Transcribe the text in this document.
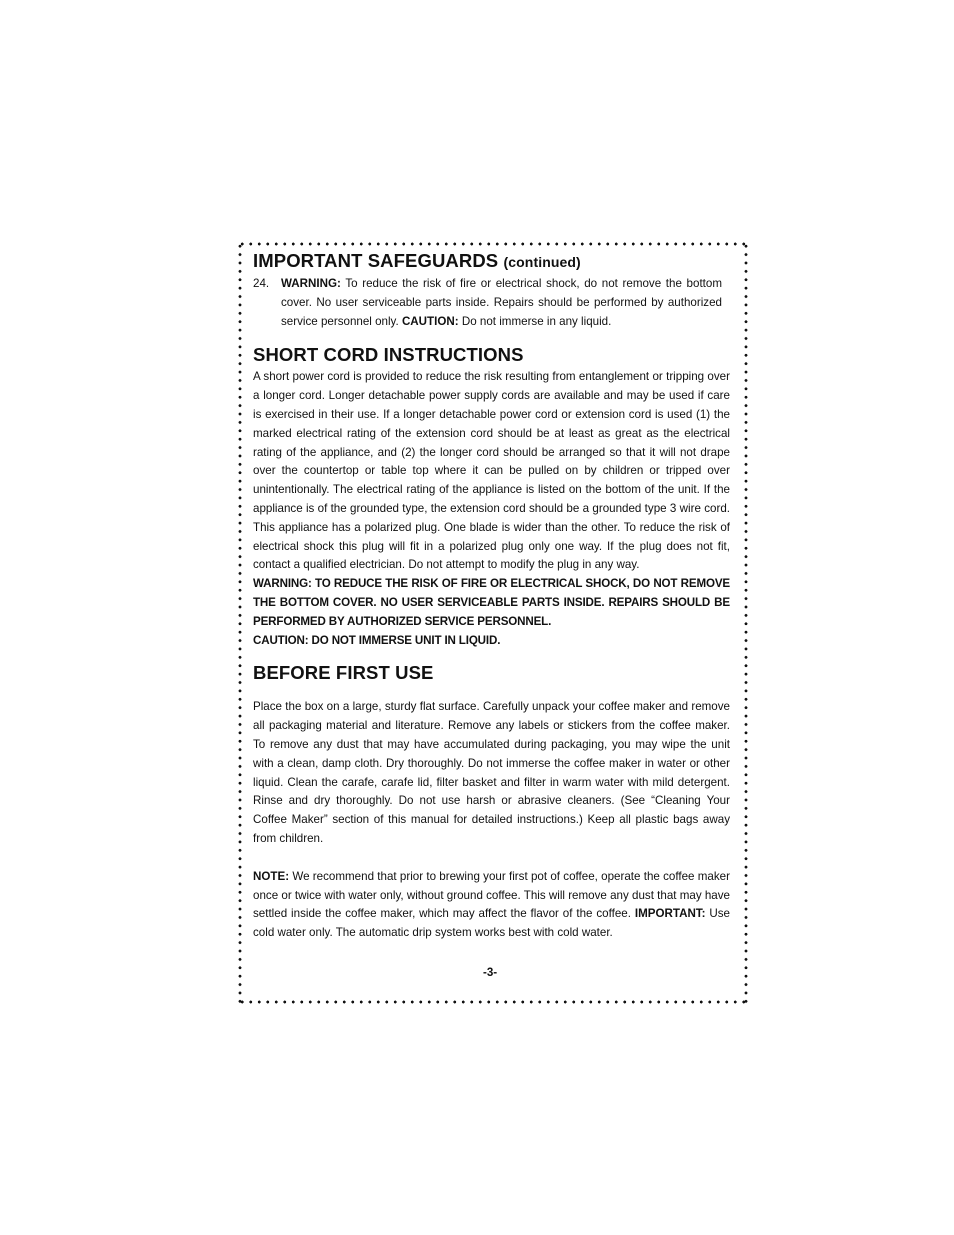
IMPORTANT SAFEGUARDS (continued)
24.	WARNING: To reduce the risk of fire or electrical shock, do not remove the bottom cover. No user serviceable parts inside. Repairs should be performed by authorized service personnel only. CAUTION: Do not immerse in any liquid.

SHORT CORD INSTRUCTIONS

A short power cord is provided to reduce the risk resulting from entanglement or tripping over a longer cord. Longer detachable power supply cords are available and may be used if care is exercised in their use. If a longer detachable power cord or extension cord is used (1) the marked electrical rating of the extension cord should be at least as great as the electrical rating of the appliance, and (2) the longer cord should be arranged so that it will not drape over the countertop or table top where it can be pulled on by children or tripped over unintentionally. The electrical rating of the appliance is listed on the bottom of the unit. If the appliance is of the grounded type, the extension cord should be a grounded type 3 wire cord. This appliance has a polarized plug. One blade is wider than the other. To reduce the risk of electrical shock this plug will fit in a polarized plug only one way. If the plug does not fit, contact a qualified electrician. Do not attempt to modify the plug in any way.

WARNING: TO REDUCE THE RISK OF FIRE OR ELECTRICAL SHOCK, DO NOT REMOVE THE BOTTOM COVER. NO USER SERVICEABLE PARTS INSIDE. REPAIRS SHOULD BE PERFORMED BY AUTHORIZED SERVICE PERSONNEL.

CAUTION: DO NOT IMMERSE UNIT IN LIQUID.

BEFORE FIRST USE

Place the box on a large, sturdy flat surface. Carefully unpack your coffee maker and remove all packaging material and literature. Remove any labels or stickers from the coffee maker. To remove any dust that may have accumulated during packaging, you may wipe the unit with a clean, damp cloth. Dry thoroughly. Do not immerse the coffee maker in water or other liquid. Clean the carafe, carafe lid, filter basket and filter in warm water with mild detergent. Rinse and dry thoroughly. Do not use harsh or abrasive cleaners. (See “Cleaning Your Coffee Maker” section of this manual for detailed instructions.) Keep all plastic bags away from children.

NOTE: We recommend that prior to brewing your first pot of coffee, operate the coffee maker once or twice with water only, without ground coffee. This will remove any dust that may have settled inside the coffee maker, which may affect the flavor of the coffee. IMPORTANT: Use cold water only. The automatic drip system works best with cold water.

-3-
